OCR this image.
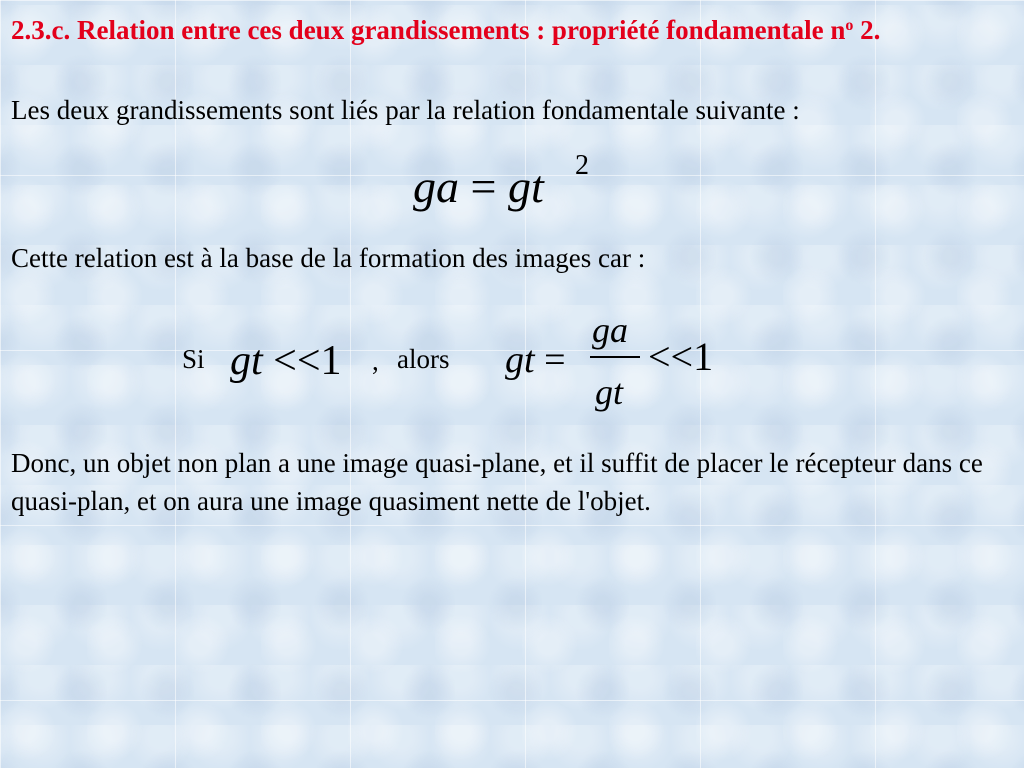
2.3.c. Relation entre ces deux grandissements : propriété fondamentale $n^o$ 2.

Les deux grandissements sont liés par la relation fondamentale suivante :

ga = gt 2

Cette relation est à la base de la formation des images car :

Si gt <<1 , alors gt =
ga
gt
<<1

Donc, un objet non plan a une image quasi-plane, et il suffit de placer le récepteur dans ce quasi-plan, et on aura une image quasiment nette de l'objet.
